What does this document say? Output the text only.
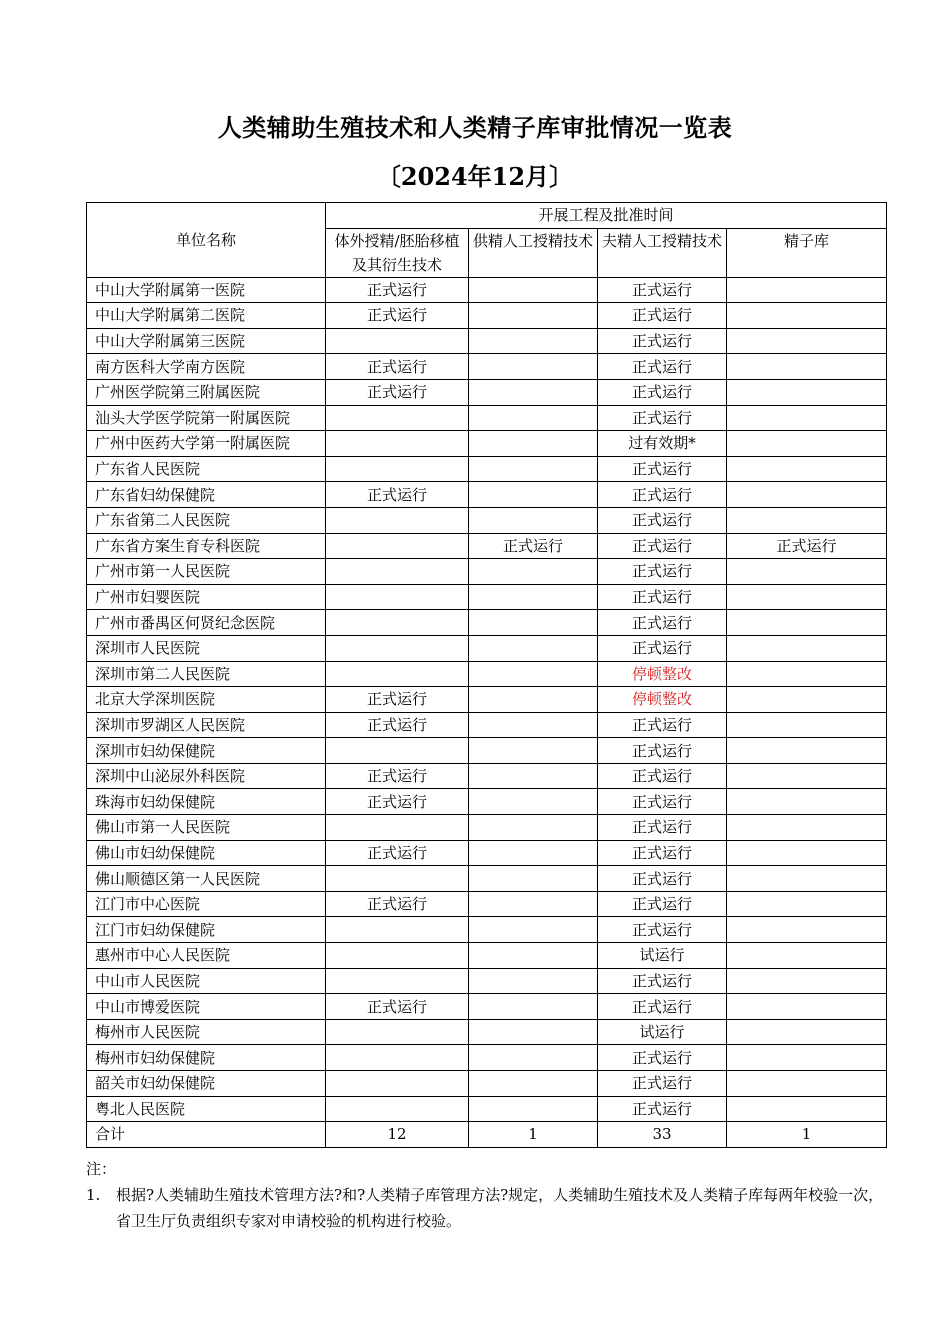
人类辅助生殖技术和人类精子库审批情况一览表
〔2024年12月〕
单位名称	开展工程及批准时间			
	体外授精/胚胎移植及其衍生技术	供精人工授精技术	夫精人工授精技术	精子库
中山大学附属第一医院	正式运行		正式运行	
中山大学附属第二医院	正式运行		正式运行	
中山大学附属第三医院			正式运行	
南方医科大学南方医院	正式运行		正式运行	
广州医学院第三附属医院	正式运行		正式运行	
汕头大学医学院第一附属医院			正式运行	
广州中医药大学第一附属医院			过有效期*	
广东省人民医院			正式运行	
广东省妇幼保健院	正式运行		正式运行	
广东省第二人民医院			正式运行	
广东省方案生育专科医院		正式运行	正式运行	正式运行
广州市第一人民医院			正式运行	
广州市妇婴医院			正式运行	
广州市番禺区何贤纪念医院			正式运行	
深圳市人民医院			正式运行	
深圳市第二人民医院			停顿整改	
北京大学深圳医院	正式运行		停顿整改	
深圳市罗湖区人民医院	正式运行		正式运行	
深圳市妇幼保健院			正式运行	
深圳中山泌尿外科医院	正式运行		正式运行	
珠海市妇幼保健院	正式运行		正式运行	
佛山市第一人民医院			正式运行	
佛山市妇幼保健院	正式运行		正式运行	
佛山顺德区第一人民医院			正式运行	
江门市中心医院	正式运行		正式运行	
江门市妇幼保健院			正式运行	
惠州市中心人民医院			试运行	
中山市人民医院			正式运行	
中山市博爱医院	正式运行		正式运行	
梅州市人民医院			试运行	
梅州市妇幼保健院			正式运行	
韶关市妇幼保健院			正式运行	
粤北人民医院			正式运行	
合计	12	1	33	1
注：
1.	根据?人类辅助生殖技术管理方法?和?人类精子库管理方法?规定，人类辅助生殖技术及人类精子库每两年校验一次，省卫生厅负责组织专家对申请校验的机构进行校验。
